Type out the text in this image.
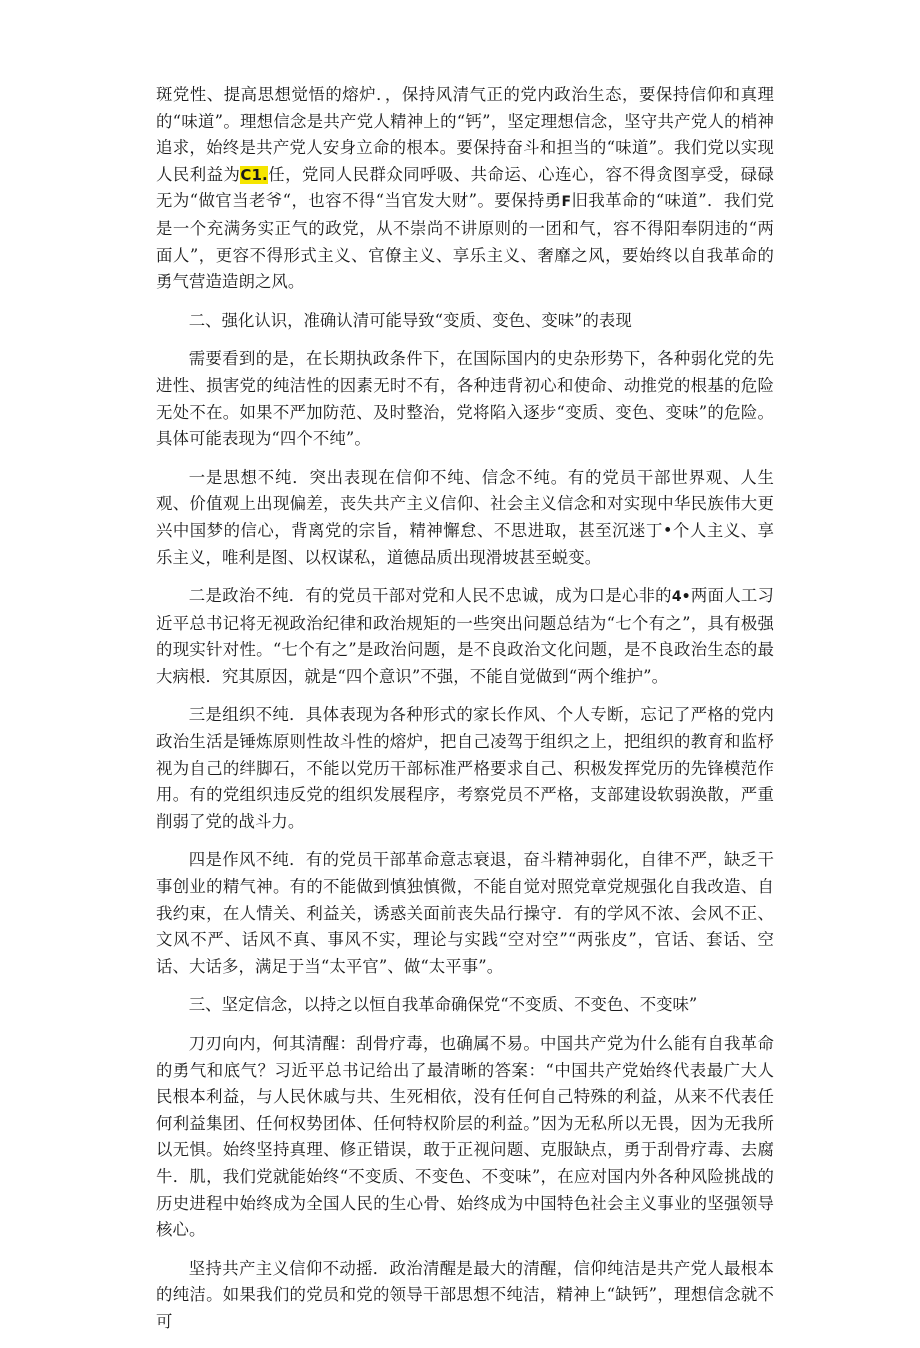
斑党性、提高思想觉悟的熔炉．，保持风清气正的党内政治生态，要保持信仰和真理的“味道”。理想信念是共产党人精神上的“钙”，坚定理想信念，坚守共产党人的梢神追求，始终是共产党人安身立命的根本。要保持奋斗和担当的“味道”。我们党以实现人民利益为C1.任，党同人民群众同呼吸、共命运、心连心，容不得贪图享受，碌碌无为“做官当老爷“，也容不得“当官发大财”。要保持勇F旧我革命的“味道”．我们党是一个充满务实正气的政党，从不崇尚不讲原则的一团和气，容不得阳奉阴违的“两面人”，更容不得形式主义、官僚主义、享乐主义、奢靡之风，要始终以自我革命的勇气营造造朗之风。

二、强化认识，准确认清可能导致“变质、变色、变味”的表现

需要看到的是，在长期执政条件下，在国际国内的史杂形势下，各种弱化党的先进性、损害党的纯洁性的因素无时不有，各种违背初心和使命、动推党的根基的危险无处不在。如果不严加防范、及时整治，党将陷入逐步“变质、变色、变味”的危险。具体可能表现为“四个不纯”。

一是思想不纯．突出表现在信仰不纯、信念不纯。有的党员干部世界观、人生观、价值观上出现偏差，丧失共产主义信仰、社会主义信念和对实现中华民族伟大更兴中国梦的信心，背离党的宗旨，精神懈怠、不思进取，甚至沉迷丁•个人主义、享乐主义，唯利是图、以权谋私，道德品质出现滑坡甚至蜕变。

二是政治不纯．有的党员干部对党和人民不忠诚，成为口是心非的4•两面人工习近平总书记将无视政治纪律和政治规矩的一些突出问题总结为“七个有之”，具有极强的现实针对性。“七个有之”是政治问题，是不良政治文化问题，是不良政治生态的最大病根．究其原因，就是“四个意识”不强，不能自觉做到“两个维护”。

三是组织不纯．具体表现为各种形式的家长作风、个人专断，忘记了严格的党内政治生活是锤炼原则性故斗性的熔炉，把自己凌驾于组织之上，把组织的教育和监杼视为自己的绊脚石，不能以党历干部标准严格要求自己、积极发挥党历的先锋模范作用。有的党组织违反党的组织发展程序，考察党员不严格，支部建设软弱涣散，严重削弱了党的战斗力。

四是作风不纯．有的党员干部革命意志衰退，奋斗精神弱化，自律不严，缺乏干事创业的精气神。有的不能做到慎独慎微，不能自觉对照党章党规强化自我改造、自我约束，在人情关、利益关，诱惑关面前丧失品行操守．有的学风不浓、会风不正、文风不严、话风不真、事风不实，理论与实践“空对空”“两张皮”，官话、套话、空话、大话多，满足于当“太平官”、做“太平事”。

三、坚定信念，以持之以恒自我革命确保党“不变质、不变色、不变味”

刀刃向内，何其清醒：刮骨疗毒，也确属不易。中国共产党为什么能有自我革命的勇气和底气？习近平总书记给出了最清晰的答案：“中国共产党始终代表最广大人民根本利益，与人民休戚与共、生死相依，没有任何自己特殊的利益，从来不代表任何利益集团、任何权势团体、任何特权阶层的利益。”因为无私所以无畏，因为无我所以无惧。始终坚持真理、修正错误，敢于正视问题、克服缺点，勇于刮骨疗毒、去腐牛．肌，我们党就能始终“不变质、不变色、不变味”，在应对国内外各种风险挑战的历史进程中始终成为全国人民的生心骨、始终成为中国特色社会主义事业的坚强领导核心。

坚持共产主义信仰不动摇．政治清醒是最大的清醒，信仰纯洁是共产党人最根本的纯洁。如果我们的党员和党的领导干部思想不纯洁，精神上“缺钙”，理想信念就不可
